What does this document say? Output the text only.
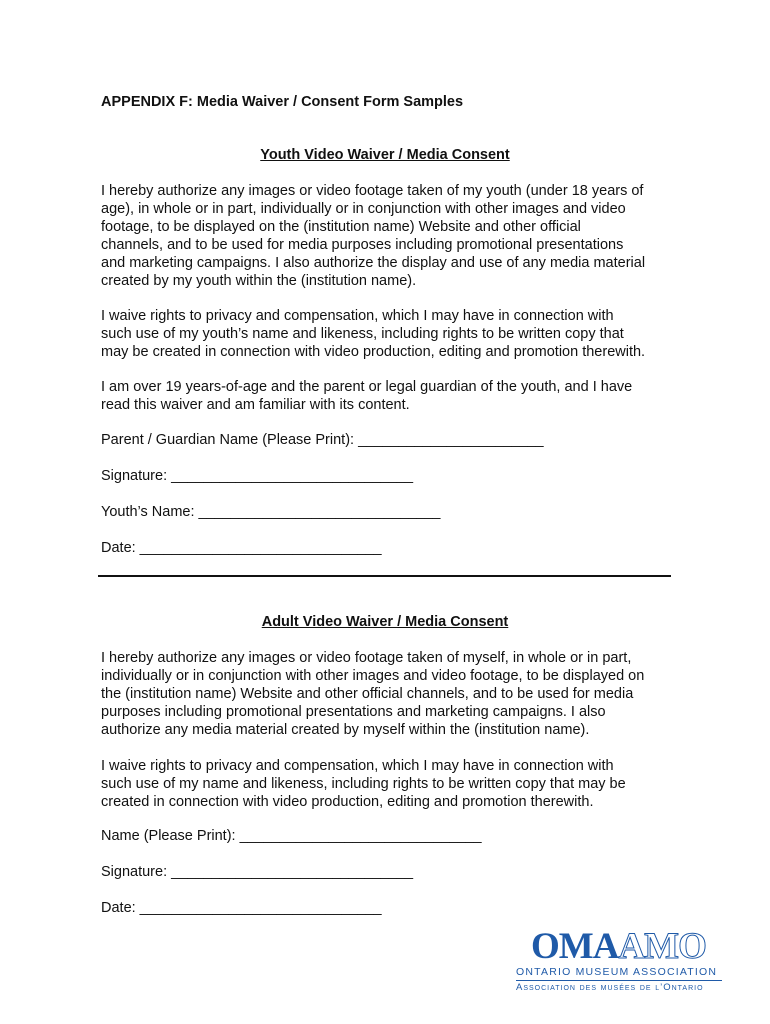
APPENDIX F: Media Waiver / Consent Form Samples
Youth Video Waiver / Media Consent
I hereby authorize any images or video footage taken of my youth (under 18 years of
age), in whole or in part, individually or in conjunction with other images and video
footage, to be displayed on the (institution name) Website and other official
channels, and to be used for media purposes including promotional presentations
and marketing campaigns. I also authorize the display and use of any media material
created by my youth within the (institution name).
I waive rights to privacy and compensation, which I may have in connection with
such use of my youth’s name and likeness, including rights to be written copy that
may be created in connection with video production, editing and promotion therewith.
I am over 19 years-of-age and the parent or legal guardian of the youth, and I have
read this waiver and am familiar with its content.
Parent / Guardian Name (Please Print): _______________________
Signature: ______________________________
Youth’s Name: ______________________________
Date: ______________________________
Adult Video Waiver / Media Consent
I hereby authorize any images or video footage taken of myself, in whole or in part,
individually or in conjunction with other images and video footage, to be displayed on
the (institution name) Website and other official channels, and to be used for media
purposes including promotional presentations and marketing campaigns. I also
authorize any media material created by myself within the (institution name).
I waive rights to privacy and compensation, which I may have in connection with
such use of my name and likeness, including rights to be written copy that may be
created in connection with video production, editing and promotion therewith.
Name (Please Print): ______________________________
Signature: ______________________________
Date: ______________________________
OMAAMO
ONTARIO MUSEUM ASSOCIATION
Association des musées de l’Ontario
